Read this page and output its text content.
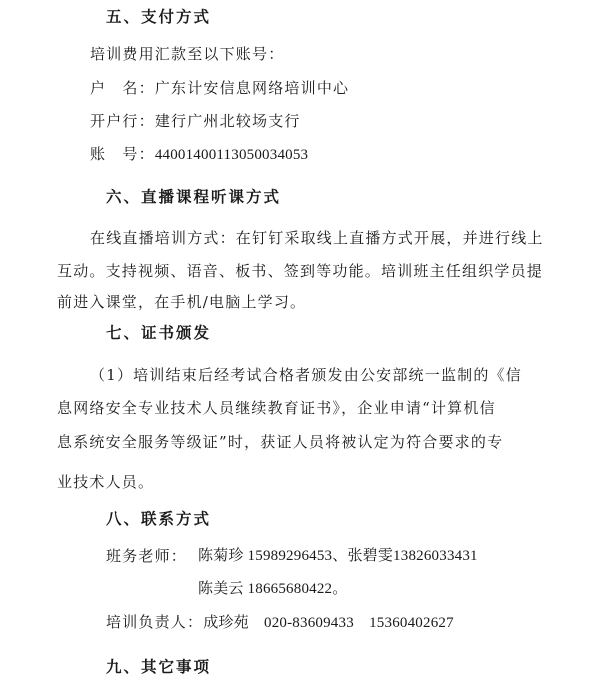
五、支付方式
培训费用汇款至以下账号：
户　名：广东计安信息网络培训中心
开户行：建行广州北较场支行
账　号：44001400113050034053
六、直播课程听课方式
在线直播培训方式：在钉钉采取线上直播方式开展，并进行线上
互动。支持视频、语音、板书、签到等功能。培训班主任组织学员提
前进入课堂，在手机/电脑上学习。
七、证书颁发
（1）培训结束后经考试合格者颁发由公安部统一监制的《信
息网络安全专业技术人员继续教育证书》，企业申请“计算机信
息系统安全服务等级证”时，获证人员将被认定为符合要求的专
业技术人员。
八、联系方式
班务老师： 陈菊珍 15989296453、张碧雯13826033431
陈美云 18665680422。
培训负责人：成珍苑　020-83609433　15360402627
九、其它事项
